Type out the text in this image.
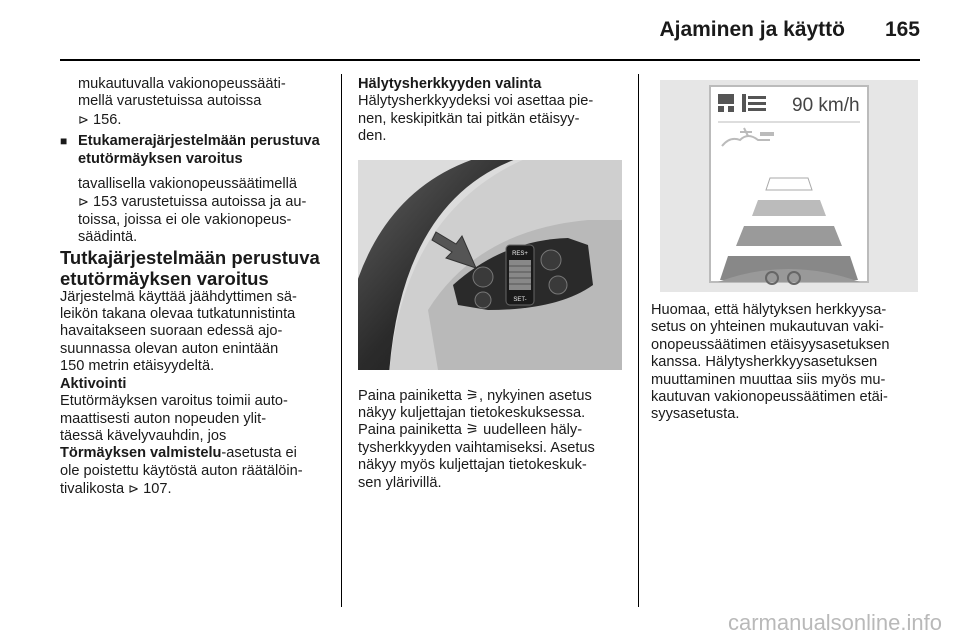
Ajaminen ja käyttö 165

mukautuvalla vakionopeussääti-

mellä varustetuissa autoissa

⊳ 156.

■ Etukamerajärjestelmään perustuva

etutörmäyksen varoitus

tavallisella vakionopeussäätimellä

⊳ 153 varustetuissa autoissa ja au-

toissa, joissa ei ole vakionopeus-

säädintä.

Tutkajärjestelmään perustuva

etutörmäyksen varoitus

Järjestelmä käyttää jäähdyttimen sä-

leikön takana olevaa tutkatunnistinta

havaitakseen suoraan edessä ajo-

suunnassa olevan auton enintään

150 metrin etäisyydeltä.

Aktivointi

Etutörmäyksen varoitus toimii auto-

maattisesti auton nopeuden ylit-

täessä kävelyvauhdin, jos

Törmäyksen valmistelu-asetusta ei

ole poistettu käytöstä auton räätälöin-

tivalikosta ⊳ 107.

Hälytysherkkyyden valinta

Hälytysherkkyydeksi voi asettaa pie-

nen, keskipitkän tai pitkän etäisyy-

den.

RES+
SET-

Paina painiketta ⚞, nykyinen asetus

näkyy kuljettajan tietokeskuksessa.

Paina painiketta ⚞ uudelleen häly-

tysherkkyyden vaihtamiseksi. Asetus

näkyy myös kuljettajan tietokeskuk-

sen ylärivillä.

90 km/h

Huomaa, että hälytyksen herkkyysa-

setus on yhteinen mukautuvan vaki-

onopeussäätimen etäisyysasetuksen

kanssa. Hälytysherkkyysasetuksen

muuttaminen muuttaa siis myös mu-

kautuvan vakionopeussäätimen etäi-

syysasetusta.

carmanualsonline.info
